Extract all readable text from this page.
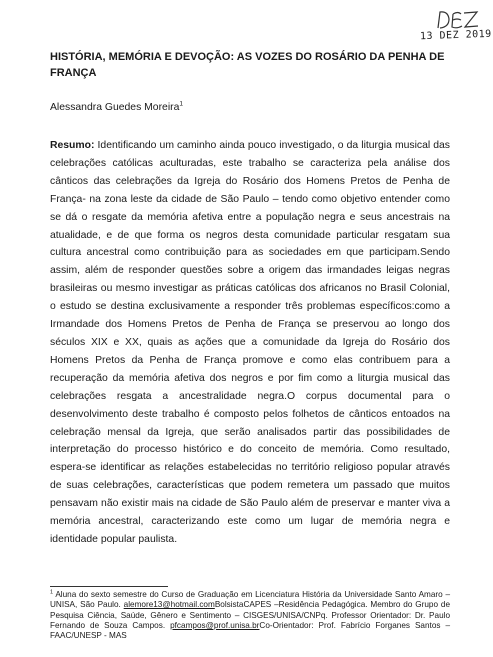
13 DEZ 2019
HISTÓRIA, MEMÓRIA E DEVOÇÃO: AS VOZES DO ROSÁRIO DA PENHA DE FRANÇA

Alessandra Guedes Moreira$^1$

Resumo: Identificando um caminho ainda pouco investigado, o da liturgia musical das celebrações católicas aculturadas, este trabalho se caracteriza pela análise dos cânticos das celebrações da Igreja do Rosário dos Homens Pretos de Penha de França- na zona leste da cidade de São Paulo – tendo como objetivo entender como se dá o resgate da memória afetiva entre a população negra e seus ancestrais na atualidade, e de que forma os negros desta comunidade particular resgatam sua cultura ancestral como contribuição para as sociedades em que participam.Sendo assim, além de responder questões sobre a origem das irmandades leigas negras brasileiras ou mesmo investigar as práticas católicas dos africanos no Brasil Colonial, o estudo se destina exclusivamente a responder três problemas específicos:como a Irmandade dos Homens Pretos de Penha de França se preservou ao longo dos séculos XIX e XX, quais as ações que a comunidade da Igreja do Rosário dos Homens Pretos da Penha de França promove e como elas contribuem para a recuperação da memória afetiva dos negros e por fim como a liturgia musical das celebrações resgata a ancestralidade negra.O corpus documental para o desenvolvimento deste trabalho é composto pelos folhetos de cânticos entoados na celebração mensal da Igreja, que serão analisados partir das possibilidades de interpretação do processo histórico e do conceito de memória. Como resultado, espera-se identificar as relações estabelecidas no território religioso popular através de suas celebrações, características que podem remetera um passado que muitos pensavam não existir mais na cidade de São Paulo além de preservar e manter viva a memória ancestral, caracterizando este como um lugar de memória negra e identidade popular paulista.

$^1$ Aluna do sexto semestre do Curso de Graduação em Licenciatura História da Universidade Santo Amaro – UNISA, São Paulo. alemore13@hotmail.comBolsistaCAPES –Residência Pedagógica. Membro do Grupo de Pesquisa Ciência, Saúde, Gênero e Sentimento – CISGES/UNISA/CNPq. Professor Orientador: Dr. Paulo Fernando de Souza Campos. pfcampos@prof.unisa.brCo-Orientador: Prof. Fabrício Forganes Santos – FAAC/UNESP - MAS
